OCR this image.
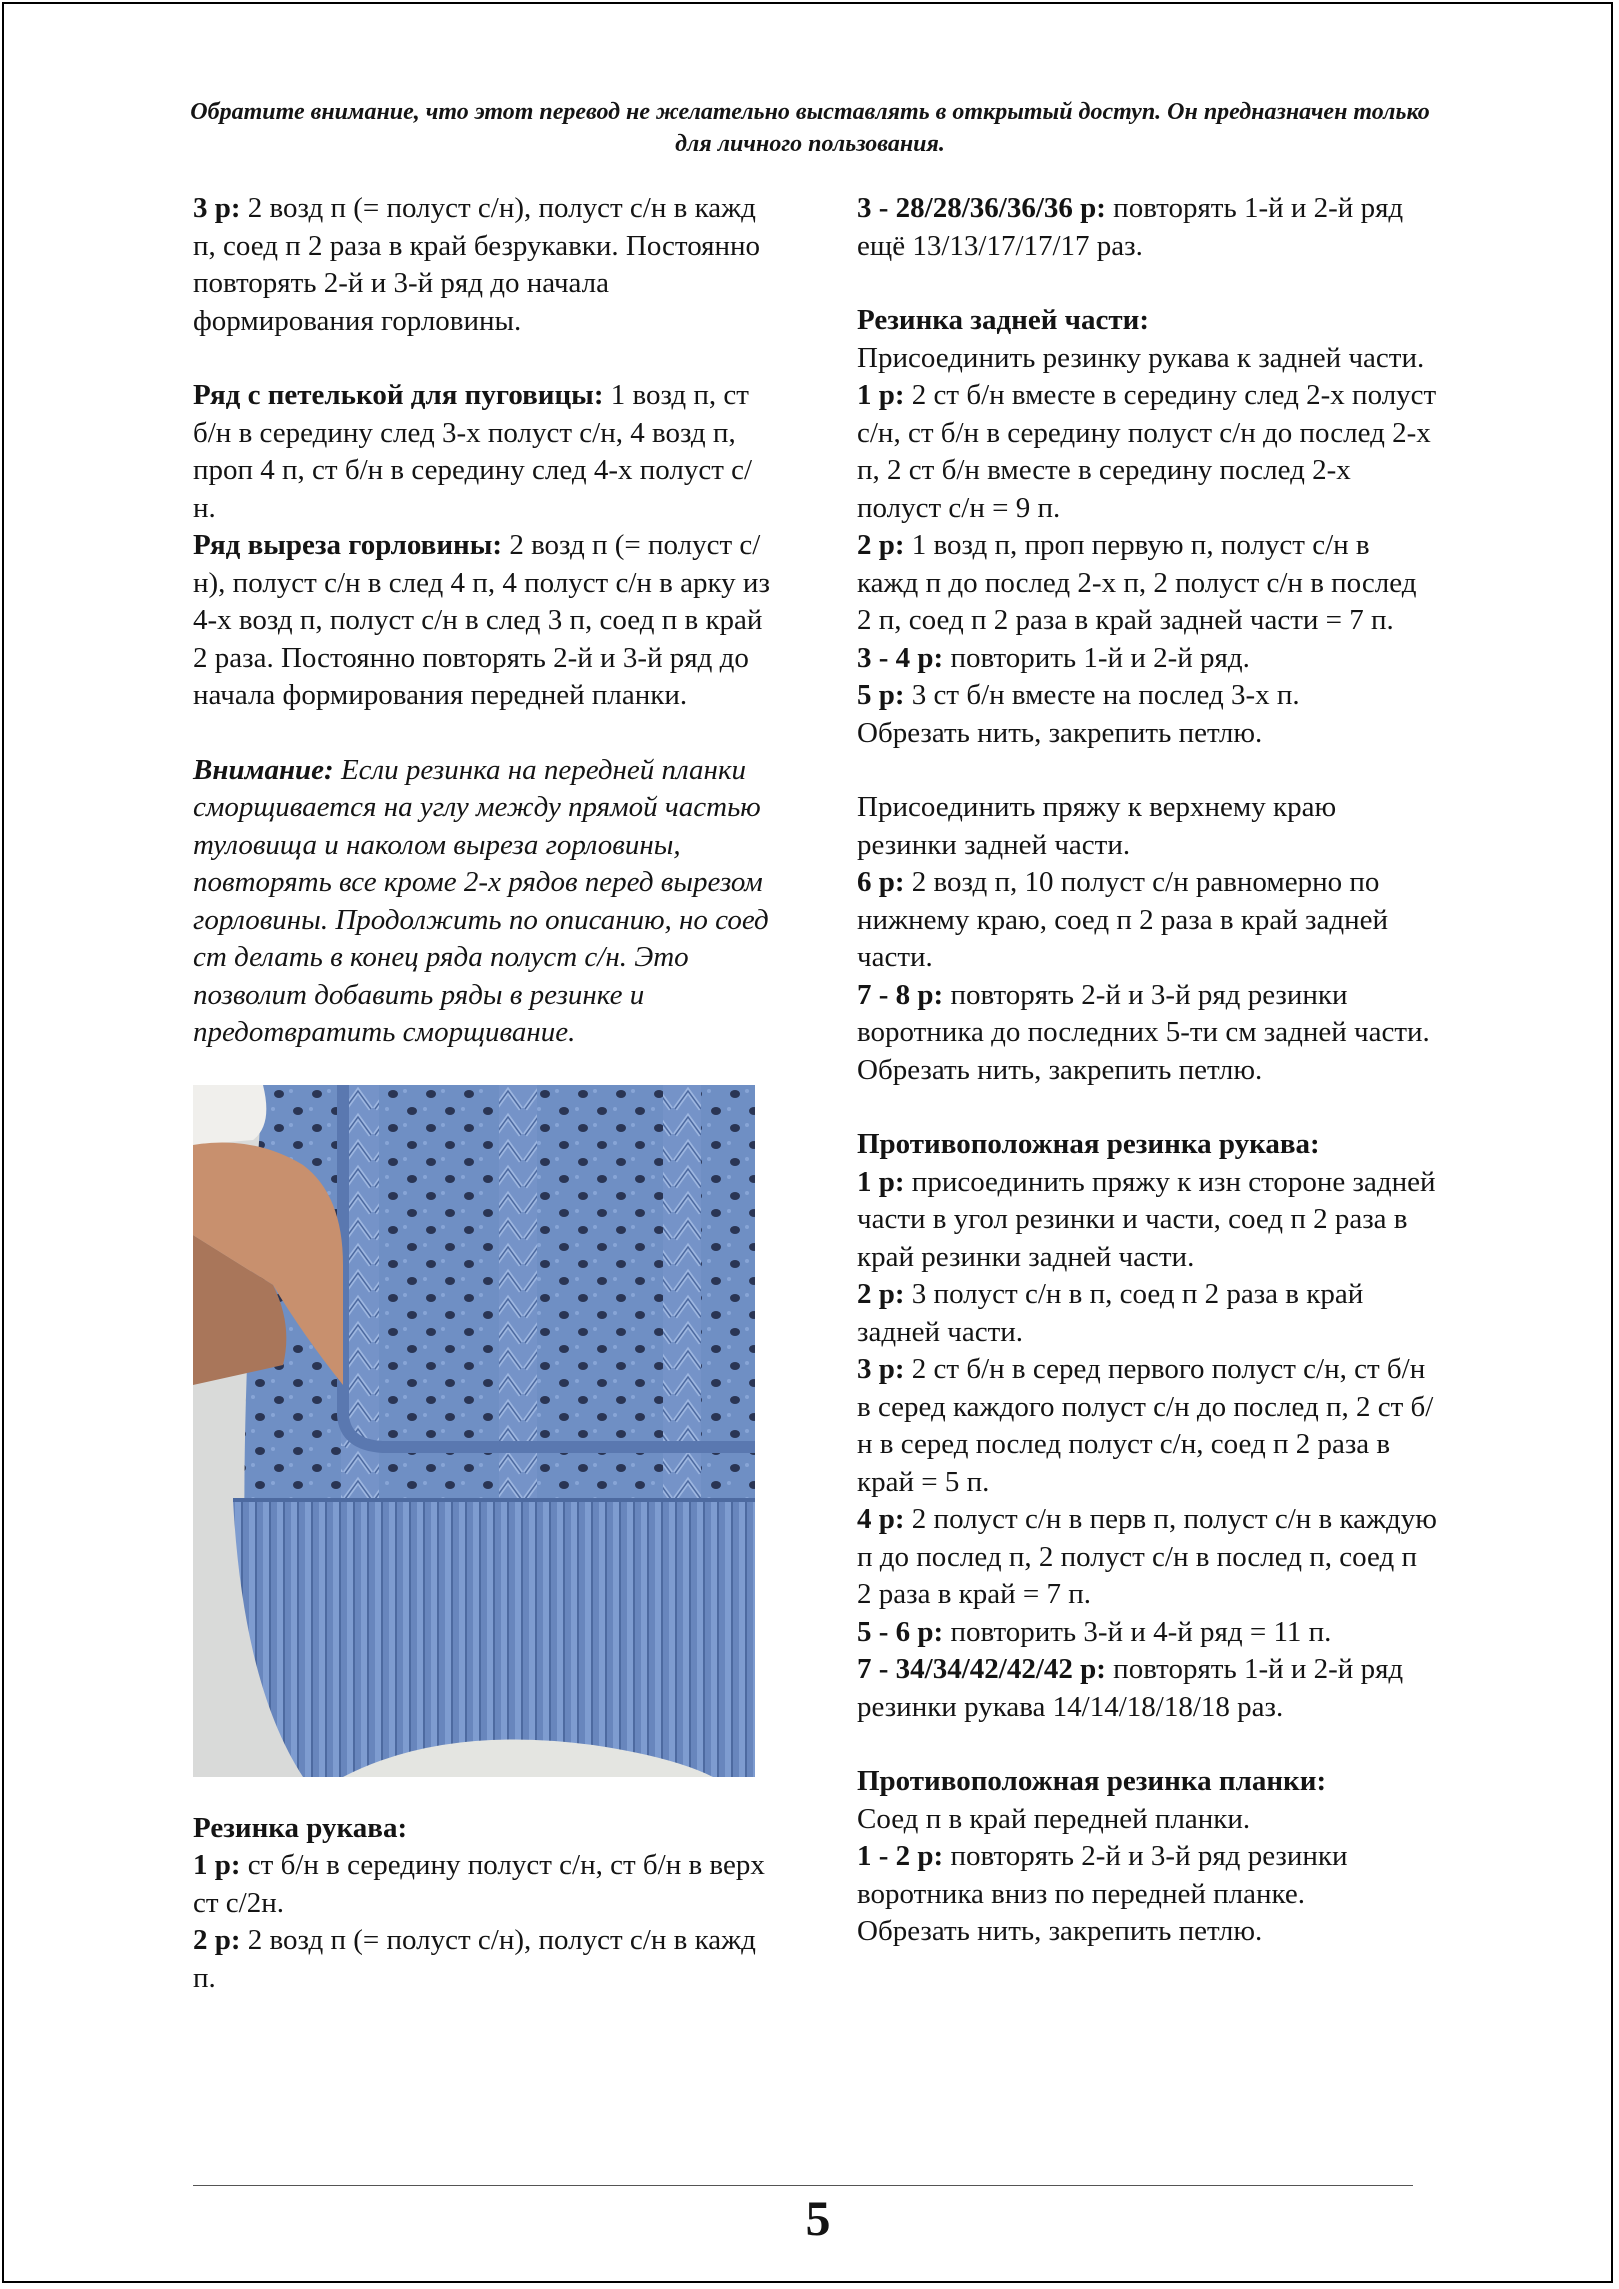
Обратите внимание, что этот перевод не желательно выставлять в открытый доступ. Он предназначен только для личного пользования.

3 р: 2 возд п (= полуст с/н), полуст с/н в кажд п, соед п 2 раза в край безрукавки. Постоянно повторять 2-й и 3-й ряд до начала формирования горловины.

Ряд с петелькой для пуговицы: 1 возд п, ст б/н в середину след 3-х полуст с/н, 4 возд п, проп 4 п, ст б/н в середину след 4-х полуст с/н.

Ряд выреза горловины: 2 возд п (= полуст с/н), полуст с/н в след 4 п, 4 полуст с/н в арку из 4-х возд п, полуст с/н в след 3 п, соед п в край 2 раза. Постоянно повторять 2-й и 3-й ряд до начала формирования передней планки.

Внимание: Если резинка на передней планки сморщивается на углу между прямой частью туловища и наколом выреза горловины, повторять все кроме 2-х рядов перед вырезом горловины. Продолжить по описанию, но соед ст делать в конец ряда полуст с/н. Это позволит добавить ряды в резинке и предотвратить сморщивание.

Резинка рукава:

1 р: ст б/н в середину полуст с/н, ст б/н в верх ст с/2н.

2 р: 2 возд п (= полуст с/н), полуст с/н в кажд п.

3 - 28/28/36/36/36 р: повторять 1-й и 2-й ряд ещё 13/13/17/17/17 раз.

Резинка задней части:

Присоединить резинку рукава к задней части.

1 р: 2 ст б/н вместе в середину след 2-х полуст с/н, ст б/н в середину полуст с/н до послед 2-х п, 2 ст б/н вместе в середину послед 2-х полуст с/н = 9 п.

2 р: 1 возд п, проп первую п, полуст с/н в кажд п до послед 2-х п, 2 полуст с/н в послед 2 п, соед п 2 раза в край задней части = 7 п.

3 - 4 р: повторить 1-й и 2-й ряд.

5 р: 3 ст б/н вместе на послед 3-х п.

Обрезать нить, закрепить петлю.

Присоединить пряжу к верхнему краю резинки задней части.

6 р: 2 возд п, 10 полуст с/н равномерно по нижнему краю, соед п 2 раза в край задней части.

7 - 8 р: повторять 2-й и 3-й ряд резинки воротника до последних 5-ти см задней части.

Обрезать нить, закрепить петлю.

Противоположная резинка рукава:

1 р: присоединить пряжу к изн стороне задней части в угол резинки и части, соед п 2 раза в край резинки задней части.

2 р: 3 полуст с/н в п, соед п 2 раза в край задней части.

3 р: 2 ст б/н в серед первого полуст с/н, ст б/н в серед каждого полуст с/н до послед п, 2 ст б/н в серед послед полуст с/н, соед п 2 раза в край = 5 п.

4 р: 2 полуст с/н в перв п, полуст с/н в каждую п до послед п, 2 полуст с/н в послед п, соед п 2 раза в край = 7 п.

5 - 6 р: повторить 3-й и 4-й ряд = 11 п.

7 - 34/34/42/42/42 р: повторять 1-й и 2-й ряд резинки рукава 14/14/18/18/18 раз.

Противоположная резинка планки:

Соед п в край передней планки.

1 - 2 р: повторять 2-й и 3-й ряд резинки воротника вниз по передней планке.

Обрезать нить, закрепить петлю.

5
